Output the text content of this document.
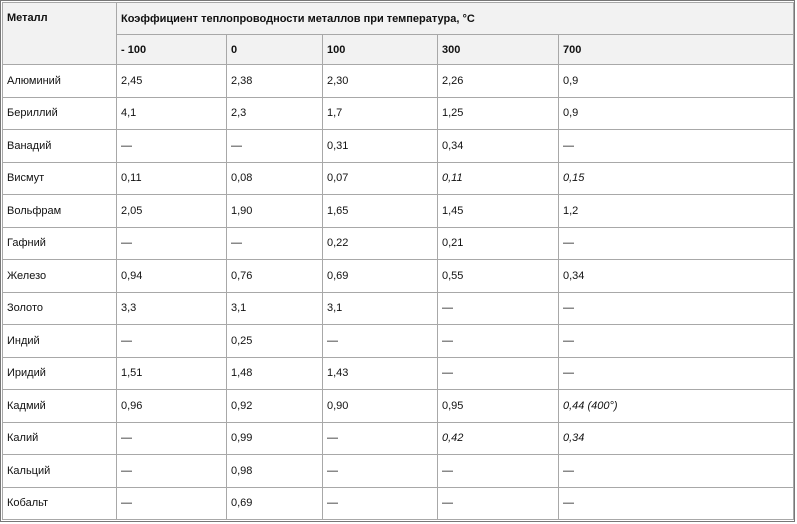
Металл	Коэффициент теплопроводности металлов при температура, °С				
	- 100	0	100	300	700
Алюминий	2,45	2,38	2,30	2,26	0,9
Бериллий	4,1	2,3	1,7	1,25	0,9
Ванадий	—	—	0,31	0,34	—
Висмут	0,11	0,08	0,07	0,11	0,15
Вольфрам	2,05	1,90	1,65	1,45	1,2
Гафний	—	—	0,22	0,21	—
Железо	0,94	0,76	0,69	0,55	0,34
Золото	3,3	3,1	3,1	—	—
Индий	—	0,25	—	—	—
Иридий	1,51	1,48	1,43	—	—
Кадмий	0,96	0,92	0,90	0,95	0,44 (400°)
Калий	—	0,99	—	0,42	0,34
Кальций	—	0,98	—	—	—
Кобальт	—	0,69	—	—	—
